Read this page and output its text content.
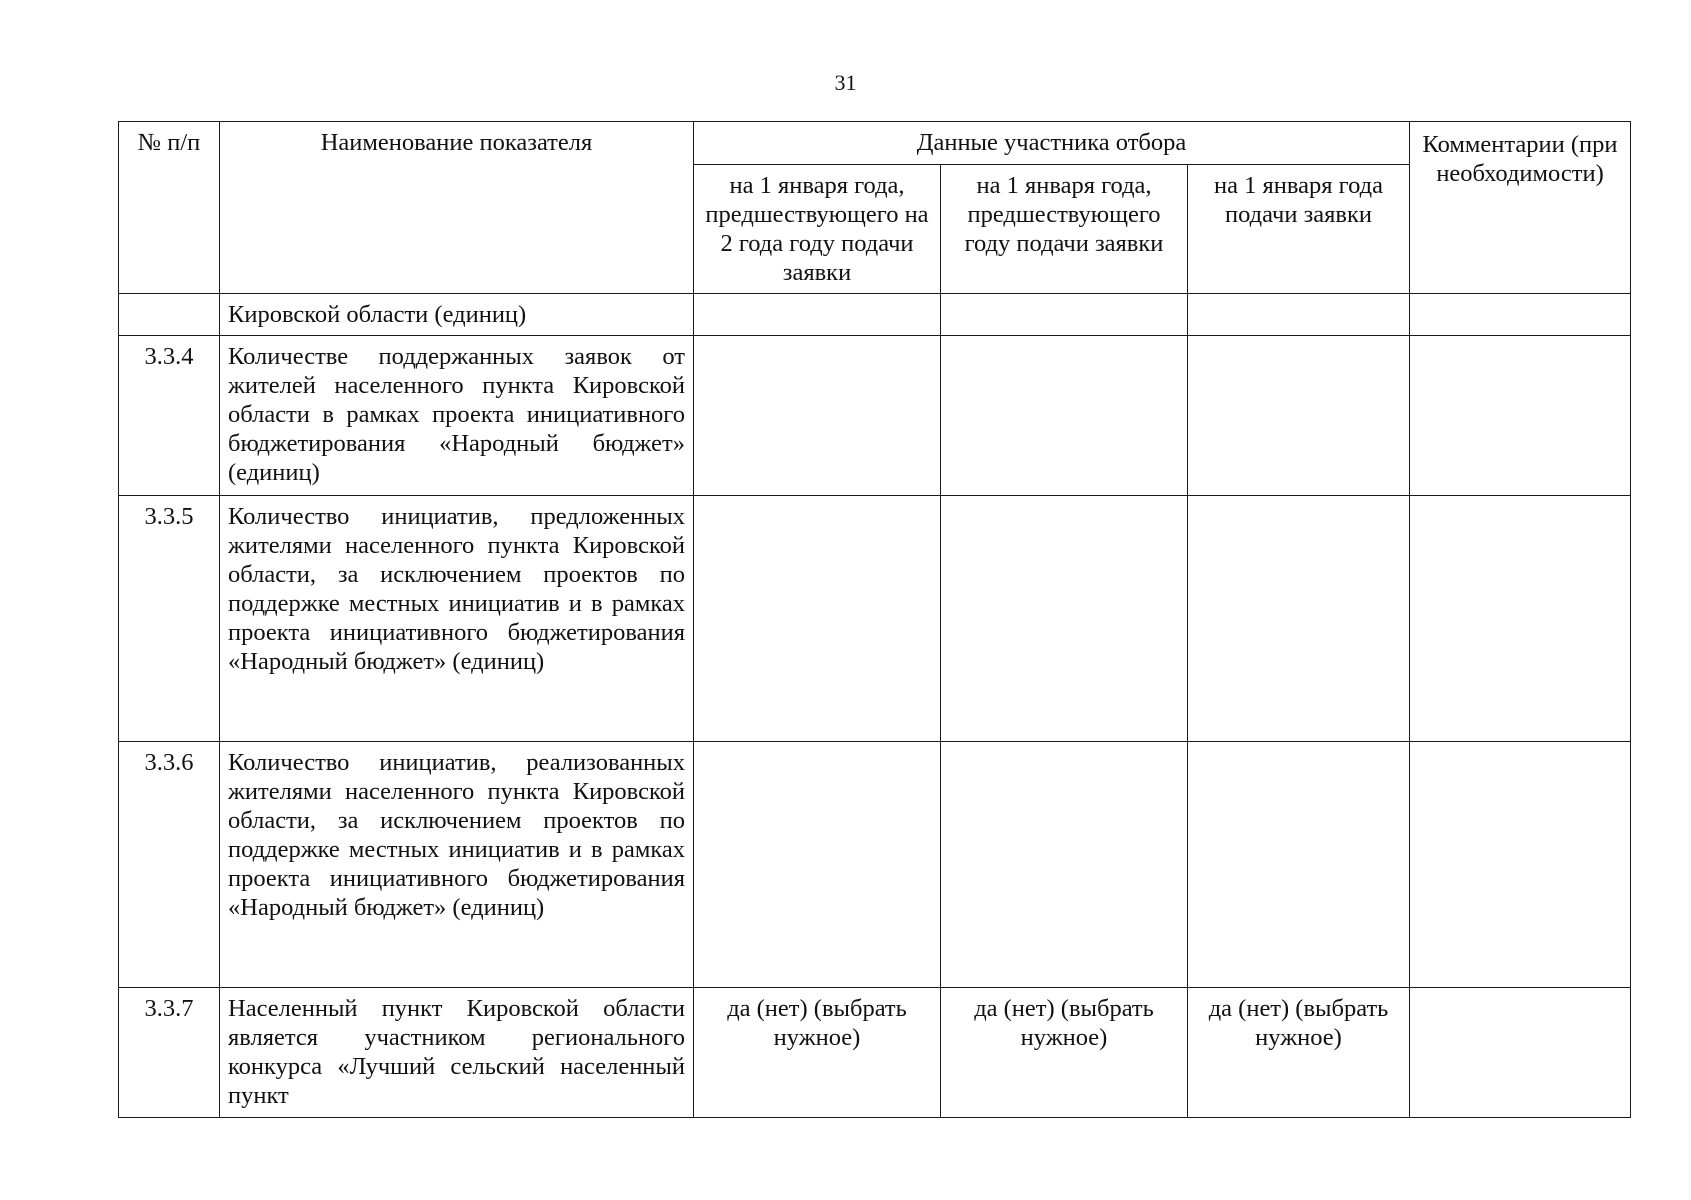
31
№ п/п	Наименование показателя	Данные участника отбора			Комментарии (при необходимости)
		на 1 января года, предшествующего на 2 года году подачи заявки	на 1 января года, предшествующего году подачи заявки	на 1 января года подачи заявки	
	Кировской области (единиц)				
3.3.4	Количестве поддержанных заявок от жителей населенного пункта Кировской области в рамках проекта инициативного бюджетирования «Народный бюджет» (единиц)				
3.3.5	Количество инициатив, предложенных жителями населенного пункта Кировской области, за исключением проектов по поддержке местных инициатив и в рамках проекта инициативного бюджетирования «Народный бюджет» (единиц)				
3.3.6	Количество инициатив, реализованных жителями населенного пункта Кировской области, за исключением проектов по поддержке местных инициатив и в рамках проекта инициативного бюджетирования «Народный бюджет» (единиц)				
3.3.7	Населенный пункт Кировской области является участником регионального конкурса «Лучший сельский населенный пункт	да (нет) (выбрать нужное)	да (нет) (выбрать нужное)	да (нет) (выбрать нужное)	
